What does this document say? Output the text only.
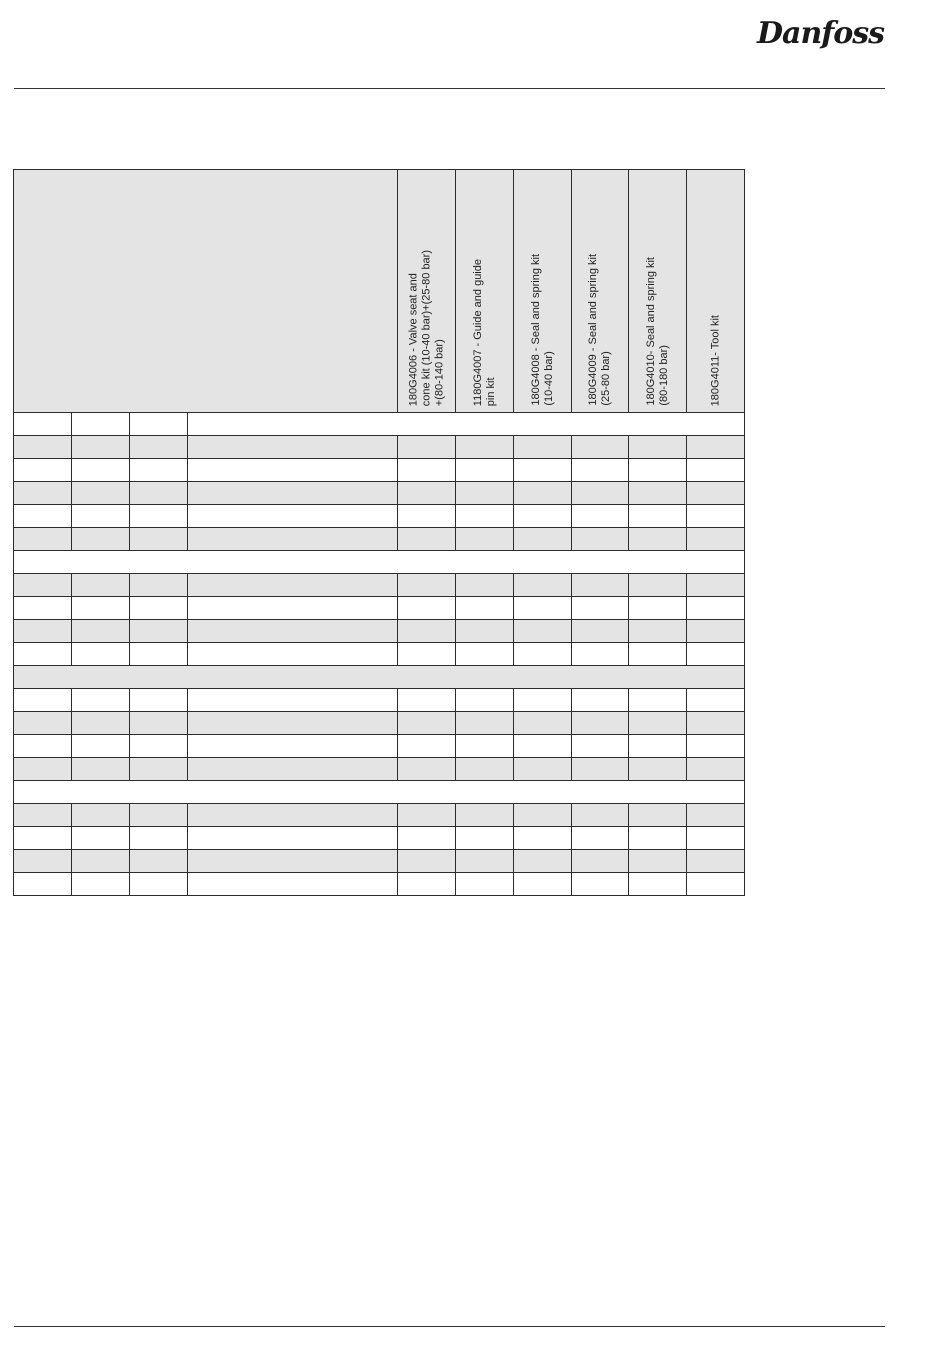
Danfoss

				180G4006 - Valve seat and
cone kit (10-40 bar)+(25-80 bar)
+(80-140 bar)	1180G4007 - Guide and guide
pin kit	180G4008 - Seal and spring kit
(10-40 bar)	180G4009 - Seal and spring kit
(25-80 bar)	180G4010- Seal and spring kit
(80-180 bar)	180G4011- Tool kit
